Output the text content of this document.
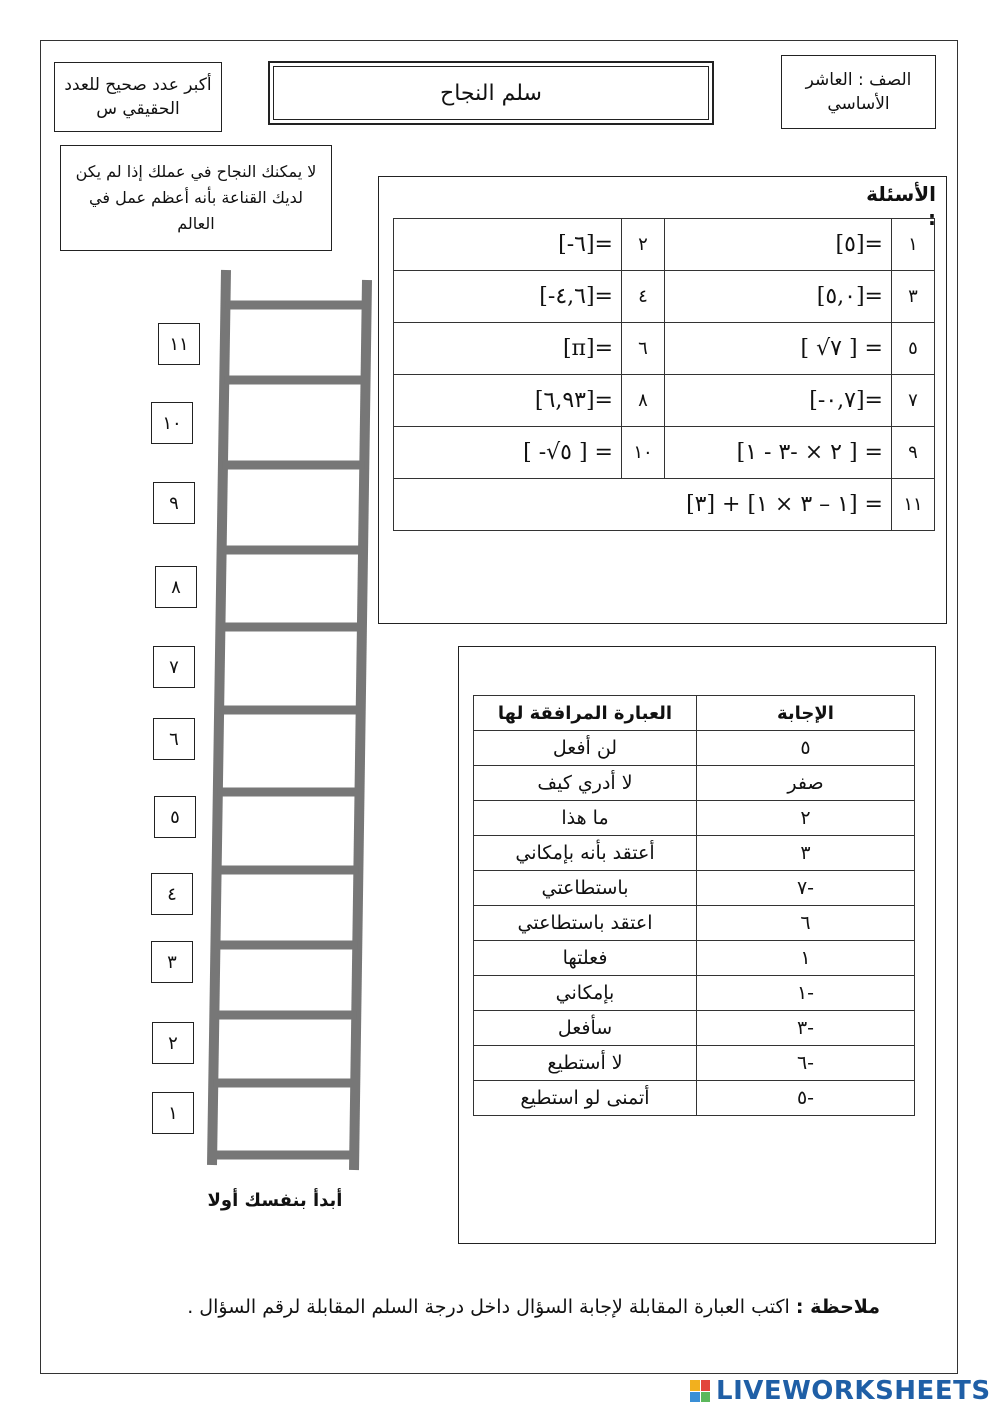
أكبر عدد صحيح للعدد الحقيقي س
سلم النجاح
الصف : العاشر الأساسي
لا يمكنك النجاح في عملك إذا لم يكن لديك القناعة بأنه أعظم عمل في العالم
الأسئلة :
[-٦]=	٢	[٥]=	١
[-٤,٦]=	٤	[٥,٠]=	٣
[π]=	٦	[ √٧ ] =	٥
[٦,٩٣]=	٨	[-٠,٧]=	٧
[ -√٥ ] =	١٠	[٢ × -٣ - ١ ] =	٩
[٣] + [١ – ٣ × ١] =			١١
العبارة المرافقة لها	الإجابة
لن أفعل	٥
لا أدري كيف	صفر
ما هذا	٢
أعتقد بأنه بإمكاني	٣
باستطاعتي	-٧
اعتقد باستطاعتي	٦
فعلتها	١
بإمكاني	-١
سأفعل	-٣
لا أستطيع	-٦
أتمنى لو استطيع	-٥
١١
١٠
٩
٨
٧
٦
٥
٤
٣
٢
١
أبدأ بنفسك أولا
ملاحظة : اكتب العبارة المقابلة لإجابة السؤال داخل درجة السلم المقابلة لرقم السؤال .
LIVEWORKSHEETS
